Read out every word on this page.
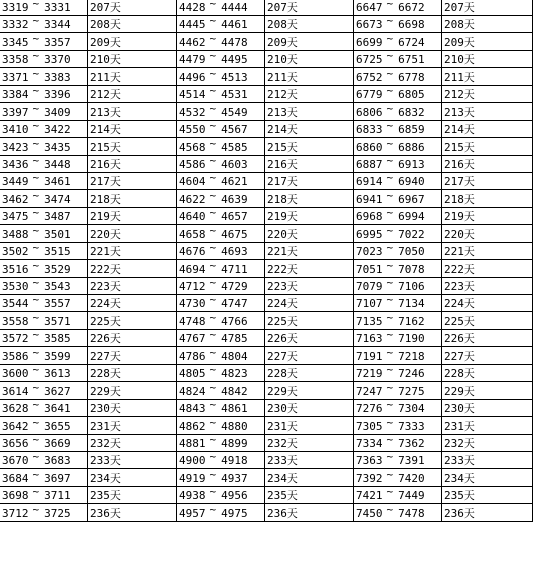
3319 ~ 3331	207天	4428 ~ 4444	207天	6647 ~ 6672	207天
3332 ~ 3344	208天	4445 ~ 4461	208天	6673 ~ 6698	208天
3345 ~ 3357	209天	4462 ~ 4478	209天	6699 ~ 6724	209天
3358 ~ 3370	210天	4479 ~ 4495	210天	6725 ~ 6751	210天
3371 ~ 3383	211天	4496 ~ 4513	211天	6752 ~ 6778	211天
3384 ~ 3396	212天	4514 ~ 4531	212天	6779 ~ 6805	212天
3397 ~ 3409	213天	4532 ~ 4549	213天	6806 ~ 6832	213天
3410 ~ 3422	214天	4550 ~ 4567	214天	6833 ~ 6859	214天
3423 ~ 3435	215天	4568 ~ 4585	215天	6860 ~ 6886	215天
3436 ~ 3448	216天	4586 ~ 4603	216天	6887 ~ 6913	216天
3449 ~ 3461	217天	4604 ~ 4621	217天	6914 ~ 6940	217天
3462 ~ 3474	218天	4622 ~ 4639	218天	6941 ~ 6967	218天
3475 ~ 3487	219天	4640 ~ 4657	219天	6968 ~ 6994	219天
3488 ~ 3501	220天	4658 ~ 4675	220天	6995 ~ 7022	220天
3502 ~ 3515	221天	4676 ~ 4693	221天	7023 ~ 7050	221天
3516 ~ 3529	222天	4694 ~ 4711	222天	7051 ~ 7078	222天
3530 ~ 3543	223天	4712 ~ 4729	223天	7079 ~ 7106	223天
3544 ~ 3557	224天	4730 ~ 4747	224天	7107 ~ 7134	224天
3558 ~ 3571	225天	4748 ~ 4766	225天	7135 ~ 7162	225天
3572 ~ 3585	226天	4767 ~ 4785	226天	7163 ~ 7190	226天
3586 ~ 3599	227天	4786 ~ 4804	227天	7191 ~ 7218	227天
3600 ~ 3613	228天	4805 ~ 4823	228天	7219 ~ 7246	228天
3614 ~ 3627	229天	4824 ~ 4842	229天	7247 ~ 7275	229天
3628 ~ 3641	230天	4843 ~ 4861	230天	7276 ~ 7304	230天
3642 ~ 3655	231天	4862 ~ 4880	231天	7305 ~ 7333	231天
3656 ~ 3669	232天	4881 ~ 4899	232天	7334 ~ 7362	232天
3670 ~ 3683	233天	4900 ~ 4918	233天	7363 ~ 7391	233天
3684 ~ 3697	234天	4919 ~ 4937	234天	7392 ~ 7420	234天
3698 ~ 3711	235天	4938 ~ 4956	235天	7421 ~ 7449	235天
3712 ~ 3725	236天	4957 ~ 4975	236天	7450 ~ 7478	236天
